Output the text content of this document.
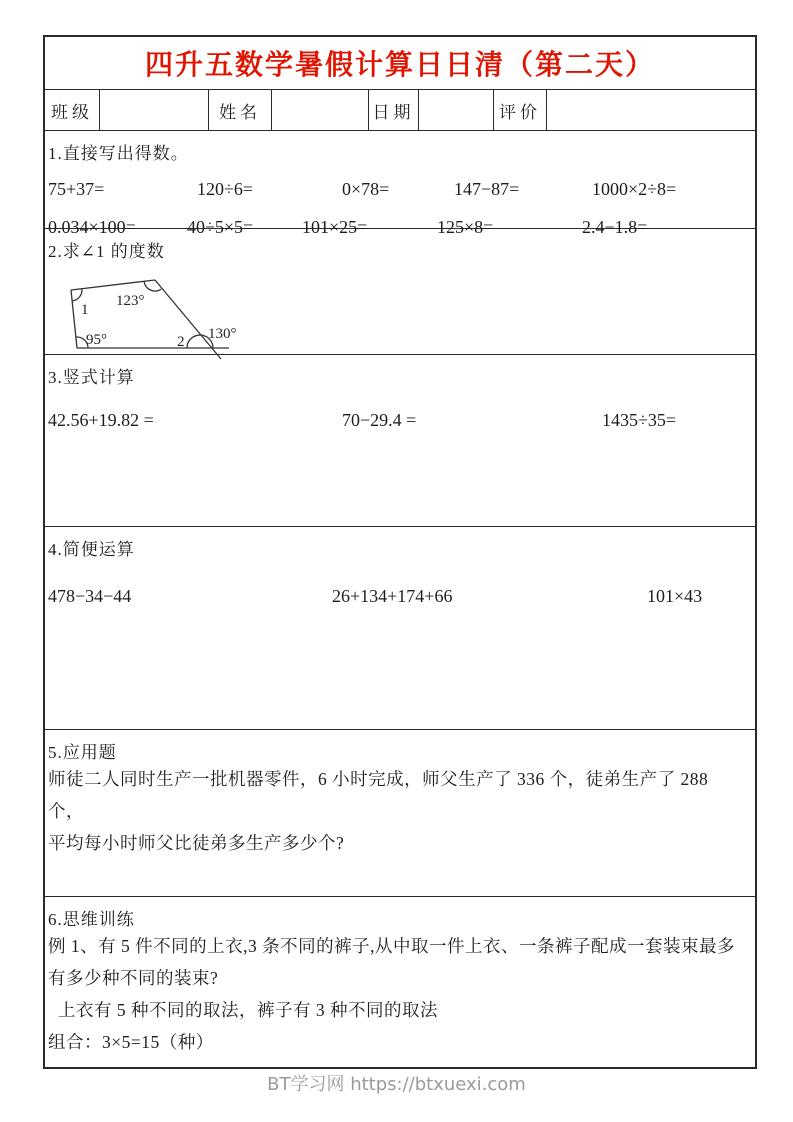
四升五数学暑假计算日日清（第二天）
班级	姓名	日期	评价
1.直接写出得数。
75+37=	120÷6=	0×78=	147−87=	1000×2÷8=
0.034×100=	40÷5×5=	101×25=	125×8=	2.4−1.8=
2.求∠1 的度数
1
123°
95°	2 130°
3.竖式计算
42.56+19.82 =	70−29.4 =	1435÷35=
4.简便运算
478−34−44	26+134+174+66	101×43
5.应用题
师徒二人同时生产一批机器零件，6 小时完成，师父生产了 336 个，徒弟生产了 288 个，
平均每小时师父比徒弟多生产多少个?
6.思维训练
例 1、有 5 件不同的上衣,3 条不同的裤子,从中取一件上衣、一条裤子配成一套装束最多
有多少种不同的装束?
上衣有 5 种不同的取法，裤子有 3 种不同的取法
组合：3×5=15（种）
BT学习网 https://btxuexi.com
